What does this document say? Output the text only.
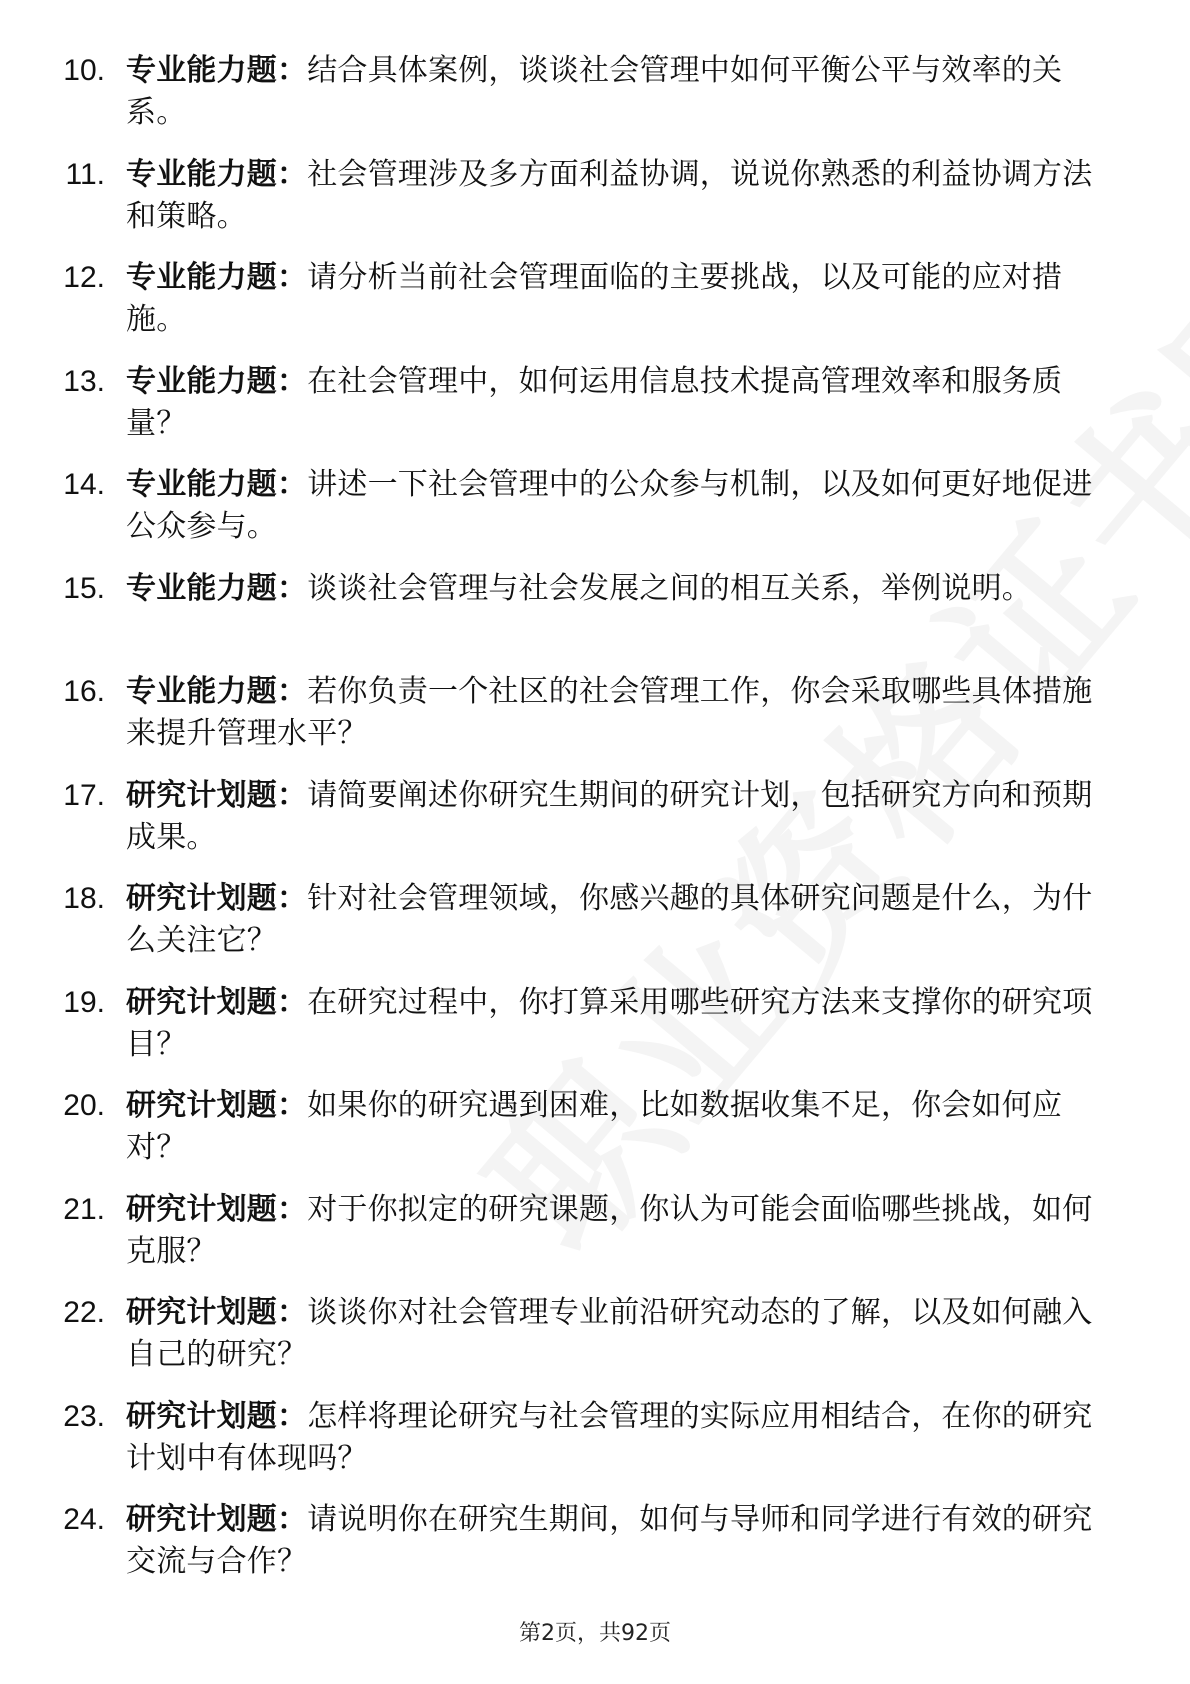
10. 专业能力题：结合具体案例，谈谈社会管理中如何平衡公平与效率的关系。
11. 专业能力题：社会管理涉及多方面利益协调，说说你熟悉的利益协调方法和策略。
12. 专业能力题：请分析当前社会管理面临的主要挑战，以及可能的应对措施。
13. 专业能力题：在社会管理中，如何运用信息技术提高管理效率和服务质量？
14. 专业能力题：讲述一下社会管理中的公众参与机制，以及如何更好地促进公众参与。
15. 专业能力题：谈谈社会管理与社会发展之间的相互关系，举例说明。
16. 专业能力题：若你负责一个社区的社会管理工作，你会采取哪些具体措施来提升管理水平？
17. 研究计划题：请简要阐述你研究生期间的研究计划，包括研究方向和预期成果。
18. 研究计划题：针对社会管理领域，你感兴趣的具体研究问题是什么，为什么关注它？
19. 研究计划题：在研究过程中，你打算采用哪些研究方法来支撑你的研究项目？
20. 研究计划题：如果你的研究遇到困难，比如数据收集不足，你会如何应对？
21. 研究计划题：对于你拟定的研究课题，你认为可能会面临哪些挑战，如何克服？
22. 研究计划题：谈谈你对社会管理专业前沿研究动态的了解，以及如何融入自己的研究？
23. 研究计划题：怎样将理论研究与社会管理的实际应用相结合，在你的研究计划中有体现吗？
24. 研究计划题：请说明你在研究生期间，如何与导师和同学进行有效的研究交流与合作？
第2页，共92页
